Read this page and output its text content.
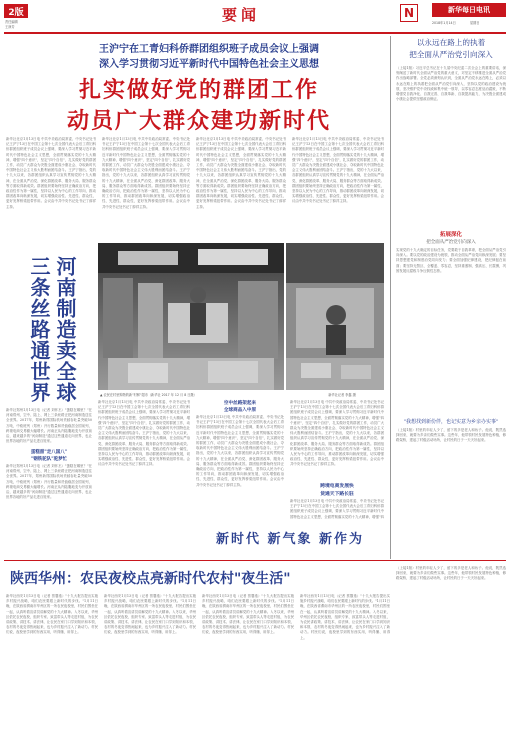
2版
责任编辑
王润芳
要闻	N	新华每日电讯
2018年1月14日	星期日
王沪宁在工青妇科侨群团组织班子成员会议上强调
深入学习贯彻习近平新时代中国特色社会主义思想
扎实做好党的群团工作
动员广大群众建功新时代
新华社北京1月13日电 中共中央政治局常委、中央书记处书记王沪宁13日在中国工会第十七次全国代表大会后工青妇科侨群团组织班子成员会议上强调，要深入学习贯彻习近平新时代中国特色社会主义思想，全面贯彻落实党的十九大精神，增强"四个意识"，坚定"四个自信"，扎实做好党的群团工作，动员广大群众为决胜全面建成小康社会、夺取新时代中国特色社会主义伟大胜利而团结奋斗。王沪宁指出，党的十九大以来，各群团组织认真学习宣传贯彻党的十九大精神，在全面从严治党、深化群团改革、服务大局、服务群众等方面取得新成效。群团组织要始终坚持正确政治方向，把政治性作为第一属性，坚持以人民为中心的工作导向，推动群团改革向纵深发展，切实增强政治性、先进性、群众性，更好发挥桥梁纽带作用。会议由中共中央书记处书记丁薛祥主持。
新华社北京1月13日电 中共中央政治局常委、中央书记处书记王沪宁13日在中国工会第十七次全国代表大会后工青妇科侨群团组织班子成员会议上强调，要深入学习贯彻习近平新时代中国特色社会主义思想，全面贯彻落实党的十九大精神，增强"四个意识"，坚定"四个自信"，扎实做好党的群团工作，动员广大群众为决胜全面建成小康社会、夺取新时代中国特色社会主义伟大胜利而团结奋斗。王沪宁指出，党的十九大以来，各群团组织认真学习宣传贯彻党的十九大精神，在全面从严治党、深化群团改革、服务大局、服务群众等方面取得新成效。群团组织要始终坚持正确政治方向，把政治性作为第一属性，坚持以人民为中心的工作导向，推动群团改革向纵深发展，切实增强政治性、先进性、群众性，更好发挥桥梁纽带作用。会议由中共中央书记处书记丁薛祥主持。
新华社北京1月13日电 中共中央政治局常委、中央书记处书记王沪宁13日在中国工会第十七次全国代表大会后工青妇科侨群团组织班子成员会议上强调，要深入学习贯彻习近平新时代中国特色社会主义思想，全面贯彻落实党的十九大精神，增强"四个意识"，坚定"四个自信"，扎实做好党的群团工作，动员广大群众为决胜全面建成小康社会、夺取新时代中国特色社会主义伟大胜利而团结奋斗。王沪宁指出，党的十九大以来，各群团组织认真学习宣传贯彻党的十九大精神，在全面从严治党、深化群团改革、服务大局、服务群众等方面取得新成效。群团组织要始终坚持正确政治方向，把政治性作为第一属性，坚持以人民为中心的工作导向，推动群团改革向纵深发展，切实增强政治性、先进性、群众性，更好发挥桥梁纽带作用。会议由中共中央书记处书记丁薛祥主持。
新华社北京1月13日电 中共中央政治局常委、中央书记处书记王沪宁13日在中国工会第十七次全国代表大会后工青妇科侨群团组织班子成员会议上强调，要深入学习贯彻习近平新时代中国特色社会主义思想，全面贯彻落实党的十九大精神，增强"四个意识"，坚定"四个自信"，扎实做好党的群团工作，动员广大群众为决胜全面建成小康社会、夺取新时代中国特色社会主义伟大胜利而团结奋斗。王沪宁指出，党的十九大以来，各群团组织认真学习宣传贯彻党的十九大精神，在全面从严治党、深化群团改革、服务大局、服务群众等方面取得新成效。群团组织要始终坚持正确政治方向，把政治性作为第一属性，坚持以人民为中心的工作导向，推动群团改革向纵深发展，切实增强政治性、先进性、群众性，更好发挥桥梁纽带作用。会议由中共中央书记处书记丁薛祥主持。
以永远在路上的执着
把全面从严治党引向深入
（上接1版）习近平总书记在十九届中央纪委二次全会上的重要讲话，深刻阐述了新时代全面从严治党的重大意义，对坚定不移推进全面从严治党作出战略部署。全党必须深刻认识到，全面从严治党永远在路上，必须以永远在路上的执着把全面从严治党引向深入，坚持以党的政治建设为统领，坚决维护党中央权威和集中统一领导，以零容忍态度惩治腐败，不断增强党自我净化、自我完善、自我革新、自我提高能力，为决胜全面建成小康社会提供坚强政治保证。
拓展深化
把全面从严治党引向深入
实现党的十九大确定的目标任务，党要敢于自我革命，把全面从严治党引向深入。要以党的政治建设为统领，推动全面从严治党向纵深发展；要坚持思想建党和制度治党同向发力；要全面加强纪律建设，把纪律挺在前面；要坚持无禁区、全覆盖、零容忍，坚持重遏制、强高压、长震慑，巩固发展反腐败斗争压倒性态势。
"我想找到新份伴，也记实意为乡亲办实事"
（上接1版）村里的年轻人少了，留下的多是老人和孩子。他说，既然选择回来，就要为乡亲们做些实事。这些年，他带领村民发展特色种植，修路架桥，建起了村级活动场所，让村民的日子一天天好起来。
河南制造卖全球 三条丝路通世界
新华社郑州1月13日电（记者 刘怀丕）"蛋糕在哪里？"在河南郑州，空中、陆上、网上三条丝路正把河南制造送往全世界。2017年，郑州新郑国际机场货邮吞吐量突破50万吨，中欧班列（郑州）开行数量和货值稳居全国前列，跨境电商交易额大幅增长。河南正从内陆腹地变为开放前沿，越来越多的"河南制造"通过这些通道走向世界，也让世界各地的好产品走进百姓家。
蛋糕甜"走八国八"
"钢铁驼队"驼梦忙
新华社郑州1月13日电（记者 刘怀丕）"蛋糕在哪里？"在河南郑州，空中、陆上、网上三条丝路正把河南制造送往全世界。2017年，郑州新郑国际机场货邮吞吐量突破50万吨，中欧班列（郑州）开行数量和货值稳居全国前列，跨境电商交易额大幅增长。河南正从内陆腹地变为开放前沿，越来越多的"河南制造"通过这些通道走向世界，也让世界各地的好产品走进百姓家。
▲ 农民在村里购物的新"村鲜"超市（新华社 2017 年 12 月 8 日摄）	新华社记者 李鑫 摄
新华社北京1月13日电 中共中央政治局常委、中央书记处书记王沪宁13日在中国工会第十七次全国代表大会后工青妇科侨群团组织班子成员会议上强调，要深入学习贯彻习近平新时代中国特色社会主义思想，全面贯彻落实党的十九大精神，增强"四个意识"，坚定"四个自信"，扎实做好党的群团工作，动员广大群众为决胜全面建成小康社会、夺取新时代中国特色社会主义伟大胜利而团结奋斗。王沪宁指出，党的十九大以来，各群团组织认真学习宣传贯彻党的十九大精神，在全面从严治党、深化群团改革、服务大局、服务群众等方面取得新成效。群团组织要始终坚持正确政治方向，把政治性作为第一属性，坚持以人民为中心的工作导向，推动群团改革向纵深发展，切实增强政治性、先进性、群众性，更好发挥桥梁纽带作用。会议由中共中央书记处书记丁薛祥主持。
空中丝路架起来
全球商品入中原
新华社北京1月13日电 中共中央政治局常委、中央书记处书记王沪宁13日在中国工会第十七次全国代表大会后工青妇科侨群团组织班子成员会议上强调，要深入学习贯彻习近平新时代中国特色社会主义思想，全面贯彻落实党的十九大精神，增强"四个意识"，坚定"四个自信"，扎实做好党的群团工作，动员广大群众为决胜全面建成小康社会、夺取新时代中国特色社会主义伟大胜利而团结奋斗。王沪宁指出，党的十九大以来，各群团组织认真学习宣传贯彻党的十九大精神，在全面从严治党、深化群团改革、服务大局、服务群众等方面取得新成效。群团组织要始终坚持正确政治方向，把政治性作为第一属性，坚持以人民为中心的工作导向，推动群团改革向纵深发展，切实增强政治性、先进性、群众性，更好发挥桥梁纽带作用。会议由中共中央书记处书记丁薛祥主持。	跨境电商发展快
货通天下路长驻
新华社北京1月13日电 中共中央政治局常委、中央书记处书记王沪宁13日在中国工会第十七次全国代表大会后工青妇科侨群团组织班子成员会议上强调，要深入学习贯彻习近平新时代中国特色社会主义思想，全面贯彻落实党的十九大精神，增强"四个意识"，坚定"四个自信"，扎实做好党的群团工作，动员广大群众为决胜全面建成小康社会、夺取新时代中国特色社会主义伟大胜利而团结奋斗。王沪宁指出，党的十九大以来，各群团组织认真学习宣传贯彻党的十九大精神，在全面从严治党、深化群团改革、服务大局、服务群众等方面取得新成效。群团组织要始终坚持正确政治方向，把政治性作为第一属性，坚持以人民为中心的工作导向，推动群团改革向纵深发展，切实增强政治性、先进性、群众性，更好发挥桥梁纽带作用。会议由中共中央书记处书记丁薛祥主持。
新华社北京1月13日电 中共中央政治局常委、中央书记处书记王沪宁13日在中国工会第十七次全国代表大会后工青妇科侨群团组织班子成员会议上强调，要深入学习贯彻习近平新时代中国特色社会主义思想，全面贯彻落实党的十九大精神，增强"四
新时代 新气象 新作为
陕西华州：农民夜校点亮新时代农村"夜生活"
新华社西安1月13日电（记者 蔡馨逸）"十九大报告提出实施乡村振兴战略，咱们农民要跟上新时代的步伐。"1月11日晚，在陕西省渭南市华州区的一所农民夜校里，村民们围坐在一起，认真听着宣讲员讲解党的十九大精神。入冬以来，华州区依托农民夜校，组织专家、致富带头人等走进村组，为农民讲政策、讲技术、讲法律，让农民在家门口学到知识和本领，农村的冬夜变得热闹起来，也为乡村振兴注入了新动力。村民们说，夜校里学到的东西实用，听得懂、用得上。
新华社西安1月13日电（记者 蔡馨逸）"十九大报告提出实施乡村振兴战略，咱们农民要跟上新时代的步伐。"1月11日晚，在陕西省渭南市华州区的一所农民夜校里，村民们围坐在一起，认真听着宣讲员讲解党的十九大精神。入冬以来，华州区依托农民夜校，组织专家、致富带头人等走进村组，为农民讲政策、讲技术、讲法律，让农民在家门口学到知识和本领，农村的冬夜变得热闹起来，也为乡村振兴注入了新动力。村民们说，夜校里学到的东西实用，听得懂、用得上。
新华社西安1月13日电（记者 蔡馨逸）"十九大报告提出实施乡村振兴战略，咱们农民要跟上新时代的步伐。"1月11日晚，在陕西省渭南市华州区的一所农民夜校里，村民们围坐在一起，认真听着宣讲员讲解党的十九大精神。入冬以来，华州区依托农民夜校，组织专家、致富带头人等走进村组，为农民讲政策、讲技术、讲法律，让农民在家门口学到知识和本领，农村的冬夜变得热闹起来，也为乡村振兴注入了新动力。村民们说，夜校里学到的东西实用，听得懂、用得上。
新华社西安1月13日电（记者 蔡馨逸）"十九大报告提出实施乡村振兴战略，咱们农民要跟上新时代的步伐。"1月11日晚，在陕西省渭南市华州区的一所农民夜校里，村民们围坐在一起，认真听着宣讲员讲解党的十九大精神。入冬以来，华州区依托农民夜校，组织专家、致富带头人等走进村组，为农民讲政策、讲技术、讲法律，让农民在家门口学到知识和本领，农村的冬夜变得热闹起来，也为乡村振兴注入了新动力。村民们说，夜校里学到的东西实用，听得懂、用得上。
（上接1版）村里的年轻人少了，留下的多是老人和孩子。他说，既然选择回来，就要为乡亲们做些实事。这些年，他带领村民发展特色种植，修路架桥，建起了村级活动场所，让村民的日子一天天好起来。
